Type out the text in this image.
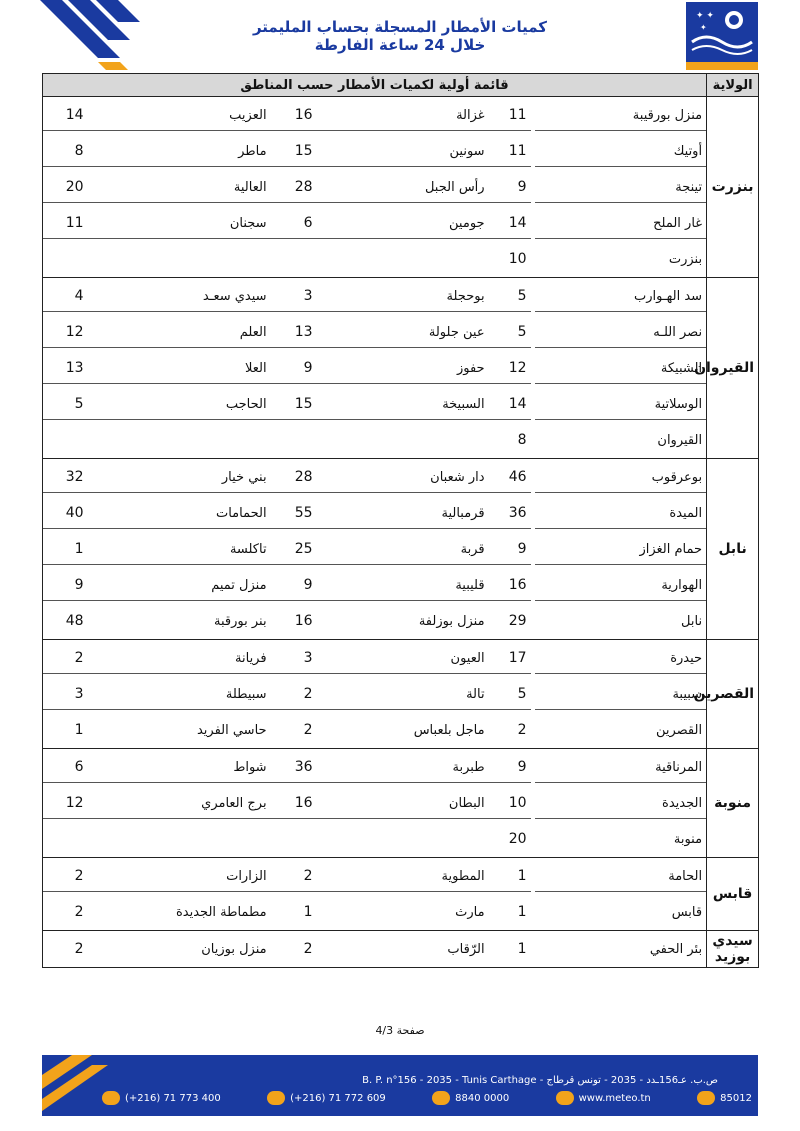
✦ ✦
✦
كميات الأمطار المسجلة بحساب المليمتر
خلال 24 ساعة الفارطة
الولاية	قائمة أولية لكميات الأمطار حسب المناطق					
بنزرت	منزل بورقيبة	11	غزالة	16	العزيب	14
	أوتيك	11	سونين	15	ماطر	8
	تينجة	9	رأس الجبل	28	العالية	20
	غار الملح	14	جومين	6	سجنان	11
	بنزرت	10				
القيروان	سد الهـوارب	5	بوحجلة	3	سيدي سعـد	4
	نصر اللـه	5	عين جلولة	13	العلم	12
	الشبيكة	12	حفوز	9	العلا	13
	الوسلاتية	14	السبيخة	15	الحاجب	5
	القيروان	8				
نابل	بوعرقوب	46	دار شعبان	28	بني خيار	32
	الميدة	36	قرمبالية	55	الحمامات	40
	حمام الغزاز	9	قربة	25	تاكلسة	1
	الهوارية	16	قليبية	9	منزل تميم	9
	نابل	29	منزل بوزلفة	16	بنر بورقبة	48
القصرين	حيدرة	17	العيون	3	فريانة	2
	سبيبة	5	تالة	2	سبيطلة	3
	القصرين	2	ماجل بلعباس	2	حاسي الفريد	1
منوبة	المرناقية	9	طبربة	36	شواط	6
	الجديدة	10	البطان	16	برج العامري	12
	منوبة	20				
قابس	الحامة	1	المطوية	2	الزارات	2
	قابس	1	مارث	1	مطماطة الجديدة	2
سيدي بوزيد	بئر الحفي	1	الرّقاب	2	منزل بوزيان	2
صفحة 4/3
B. P. n°156 - 2035 - Tunis Carthage - ص.ب. عـ156ـدد - 2035 - تونس قرطاج
(+216) 71 773 400	(+216) 71 772 609	8840 0000	www.meteo.tn	85012
